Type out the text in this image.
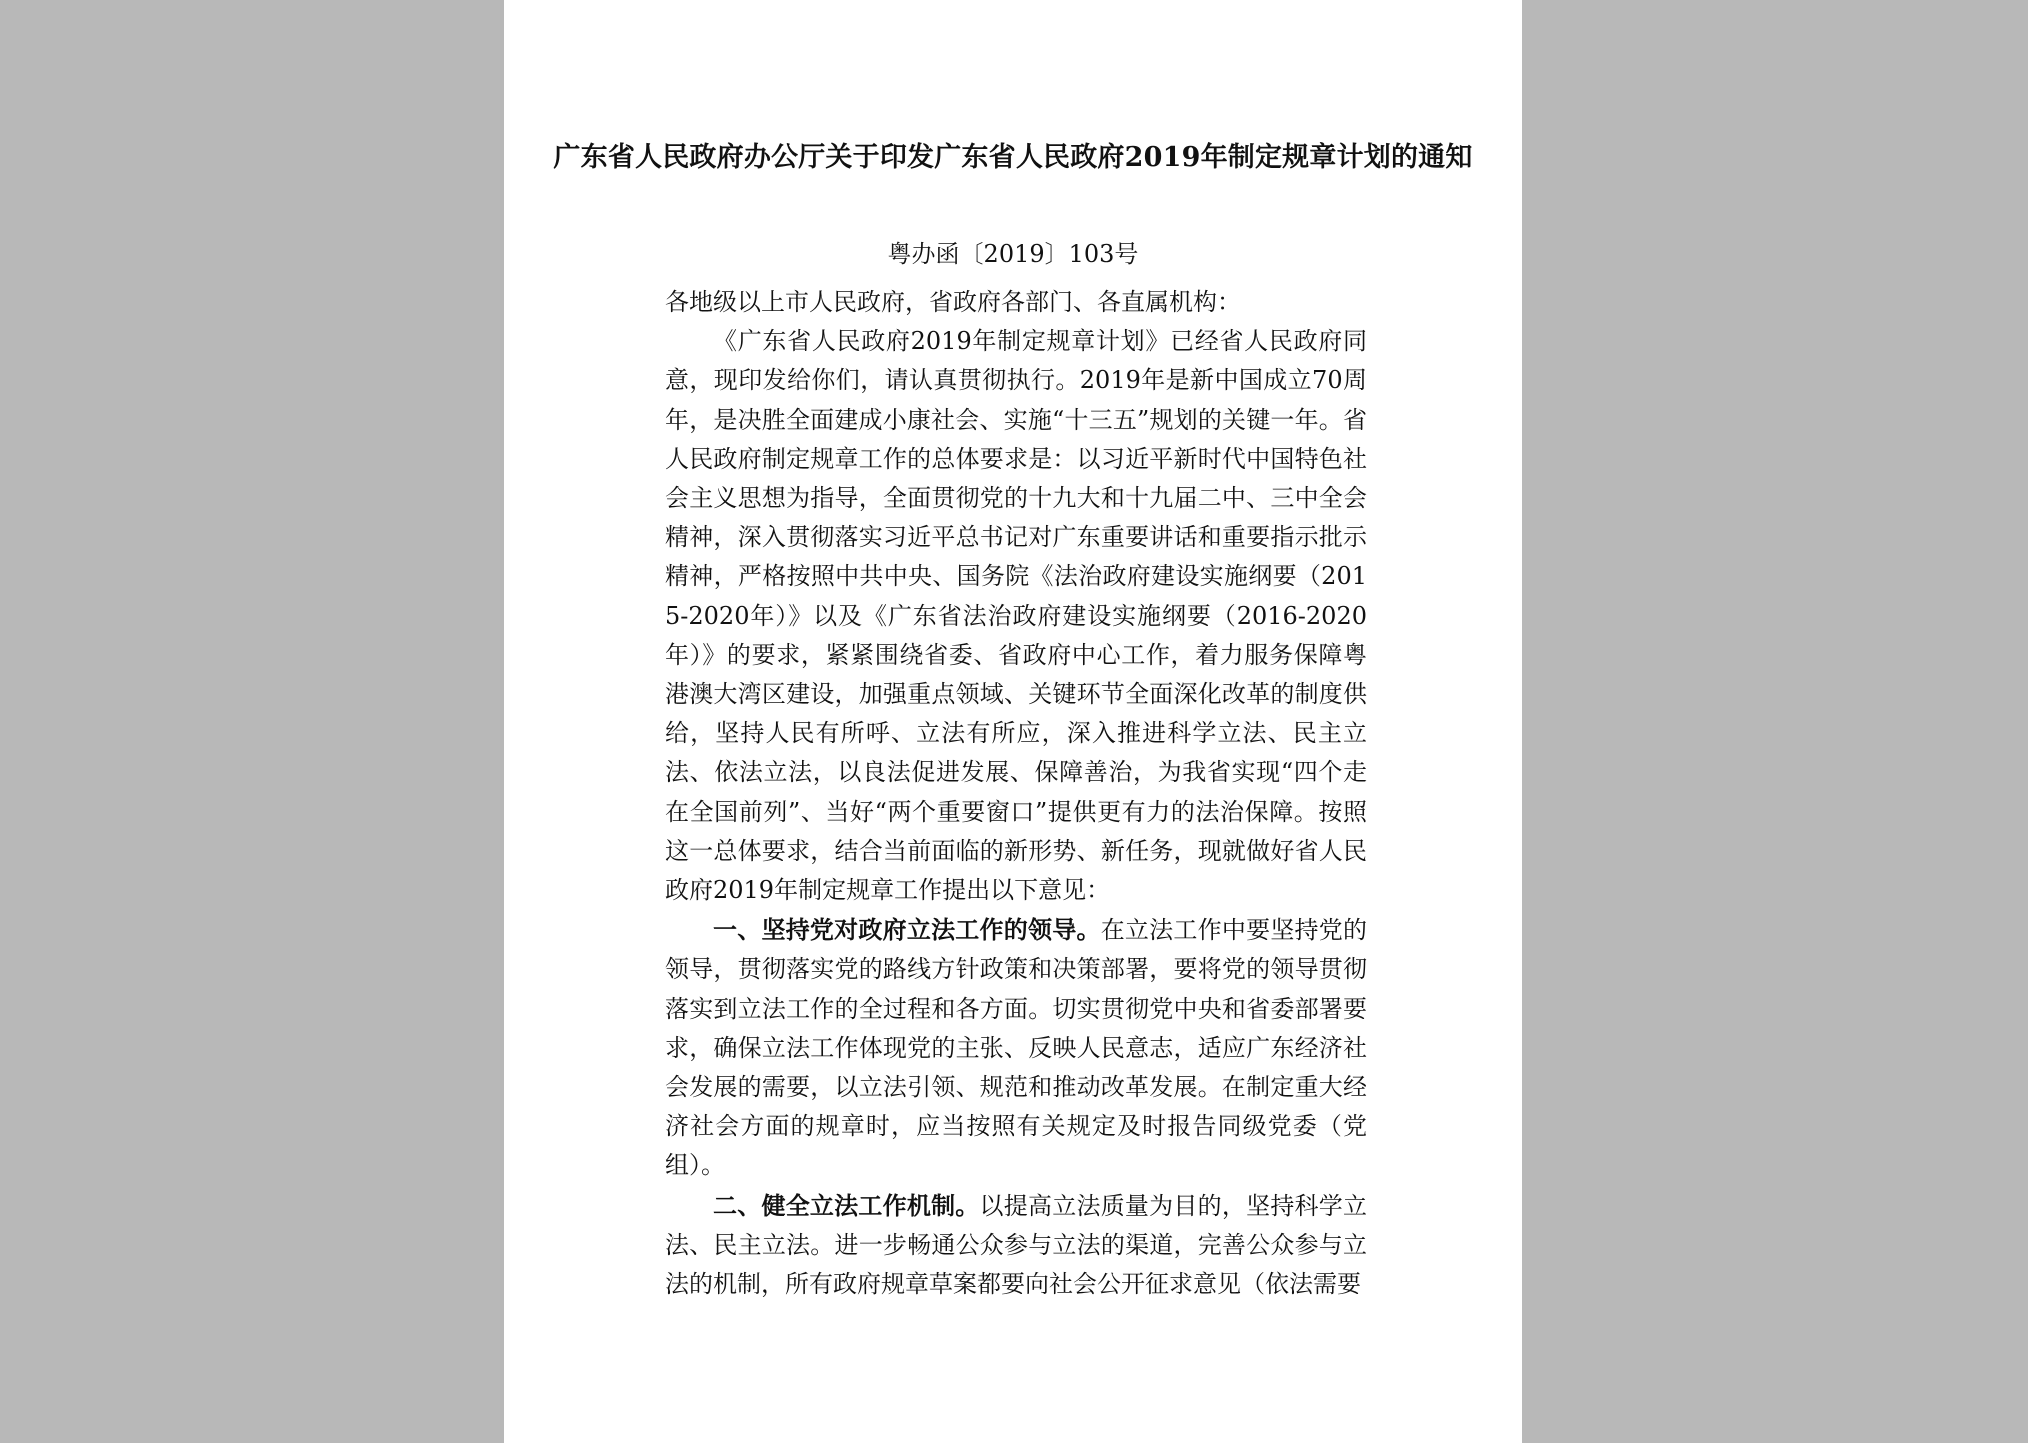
广东省人民政府办公厅关于印发广东省人民政府2019年制定规章计划的通知
粤办函〔2019〕103号

各地级以上市人民政府，省政府各部门、各直属机构：

《广东省人民政府2019年制定规章计划》已经省人民政府同意，现印发给你们，请认真贯彻执行。2019年是新中国成立70周年，是决胜全面建成小康社会、实施“十三五”规划的关键一年。省人民政府制定规章工作的总体要求是：以习近平新时代中国特色社会主义思想为指导，全面贯彻党的十九大和十九届二中、三中全会精神，深入贯彻落实习近平总书记对广东重要讲话和重要指示批示精神，严格按照中共中央、国务院《法治政府建设实施纲要（2015-2020年）》以及《广东省法治政府建设实施纲要（2016-2020年）》的要求，紧紧围绕省委、省政府中心工作，着力服务保障粤港澳大湾区建设，加强重点领域、关键环节全面深化改革的制度供给，坚持人民有所呼、立法有所应，深入推进科学立法、民主立法、依法立法，以良法促进发展、保障善治，为我省实现“四个走在全国前列”、当好“两个重要窗口”提供更有力的法治保障。按照这一总体要求，结合当前面临的新形势、新任务，现就做好省人民政府2019年制定规章工作提出以下意见：

一、坚持党对政府立法工作的领导。在立法工作中要坚持党的领导，贯彻落实党的路线方针政策和决策部署，要将党的领导贯彻落实到立法工作的全过程和各方面。切实贯彻党中央和省委部署要求，确保立法工作体现党的主张、反映人民意志，适应广东经济社会发展的需要，以立法引领、规范和推动改革发展。在制定重大经济社会方面的规章时，应当按照有关规定及时报告同级党委（党组）。

二、健全立法工作机制。以提高立法质量为目的，坚持科学立法、民主立法。进一步畅通公众参与立法的渠道，完善公众参与立法的机制，所有政府规章草案都要向社会公开征求意见（依法需要
